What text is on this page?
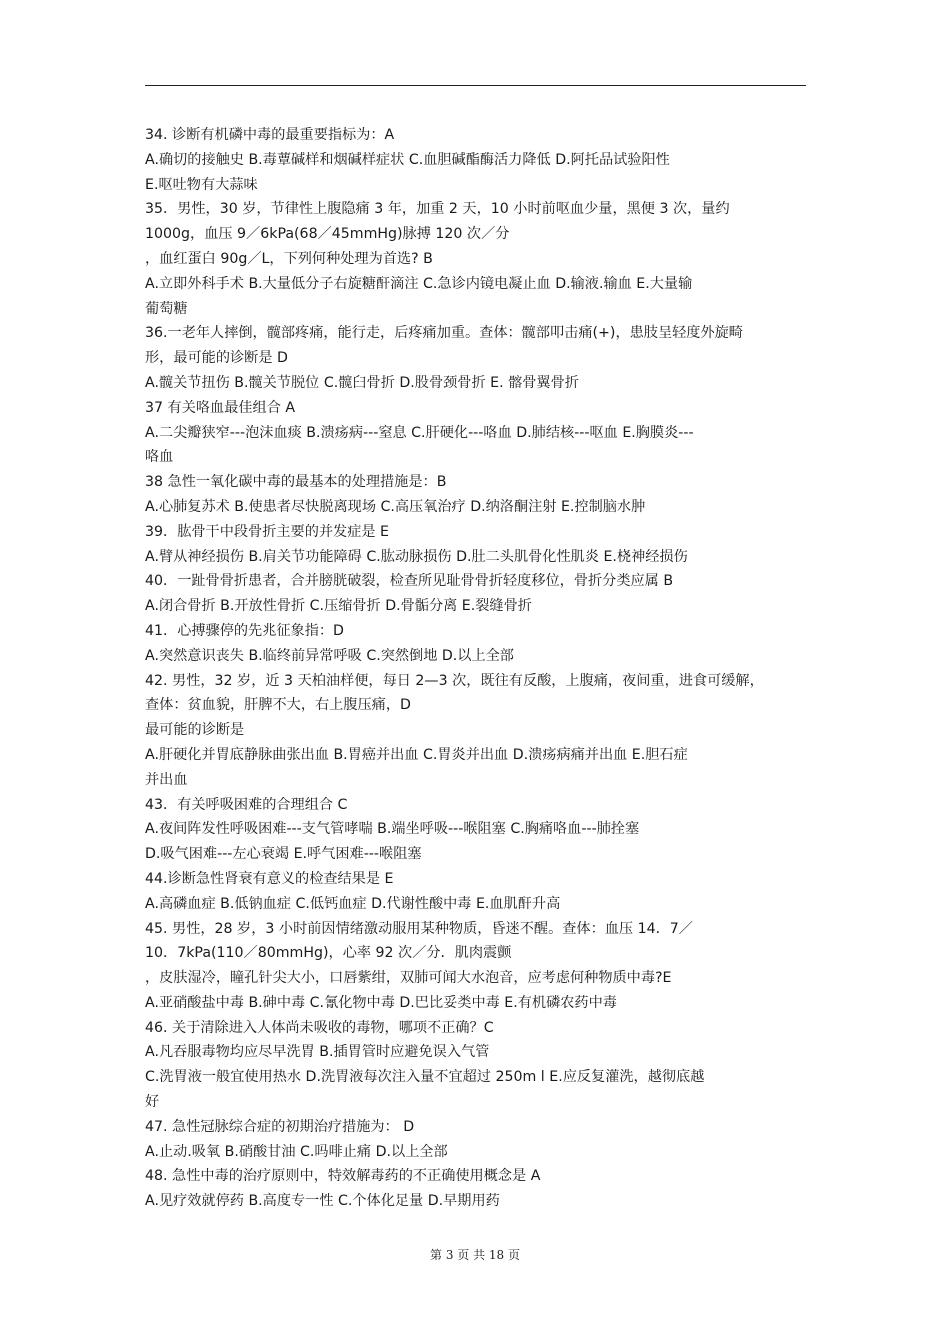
34. 诊断有机磷中毒的最重要指标为：A
A.确切的接触史 B.毒蕈碱样和烟碱样症状 C.血胆碱酯酶活力降低 D.阿托品试验阳性
E.呕吐物有大蒜味
35．男性，30 岁，节律性上腹隐痛 3 年，加重 2 天，10 小时前呕血少量，黑便 3 次，量约
1000g，血压 9／6kPa(68／45mmHg)脉搏 120 次／分
，血红蛋白 90g／L，下列何种处理为首选? B
A.立即外科手术 B.大量低分子右旋糖酐滴注 C.急诊内镜电凝止血 D.输液.输血 E.大量输
葡萄糖
36.一老年人摔倒，髋部疼痛，能行走，后疼痛加重。查体：髋部叩击痛(+)，患肢呈轻度外旋畸
形，最可能的诊断是 D
A.髋关节扭伤 B.髋关节脱位 C.髋臼骨折 D.股骨颈骨折 E. 髂骨翼骨折
37 有关咯血最佳组合 A
A.二尖瓣狭窄---泡沫血痰 B.溃疡病---窒息 C.肝硬化---咯血 D.肺结核---呕血 E.胸膜炎---
咯血
38 急性一氧化碳中毒的最基本的处理措施是：B
A.心肺复苏术 B.使患者尽快脱离现场 C.高压氧治疗 D.纳洛酮注射 E.控制脑水肿
39．肱骨干中段骨折主要的并发症是 E
A.臂从神经损伤 B.肩关节功能障碍 C.肱动脉损伤 D.肚二头肌骨化性肌炎 E.桡神经损伤
40．一趾骨骨折患者，合并膀胱破裂，检查所见耻骨骨折轻度移位，骨折分类应属 B
A.闭合骨折 B.开放性骨折 C.压缩骨折 D.骨骺分离 E.裂缝骨折
41．心搏骤停的先兆征象指：D
A.突然意识丧失 B.临终前异常呼吸 C.突然倒地 D.以上全部
42. 男性，32 岁，近 3 天柏油样便，每日 2—3 次，既往有反酸，上腹痛，夜间重，进食可缓解，
查体：贫血貌，肝脾不大，右上腹压痛，D
最可能的诊断是
A.肝硬化并胃底静脉曲张出血 B.胃癌并出血 C.胃炎并出血 D.溃疡病痛并出血 E.胆石症
并出血
43．有关呼吸困难的合理组合 C
A.夜间阵发性呼吸困难---支气管哮喘 B.端坐呼吸---喉阻塞 C.胸痛咯血---肺拴塞
D.吸气困难---左心衰竭 E.呼气困难---喉阻塞
44.诊断急性肾衰有意义的检查结果是 E
A.高磷血症 B.低钠血症 C.低钙血症 D.代谢性酸中毒 E.血肌酐升高
45. 男性，28 岁，3 小时前因情绪激动服用某种物质，昏迷不醒。查体：血压 14．7／
10．7kPa(110／80mmHg)，心率 92 次／分．肌肉震颤
，皮肤湿冷，瞳孔针尖大小，口唇紫绀，双肺可闻大水泡音，应考虑何种物质中毒?E
A.亚硝酸盐中毒 B.砷中毒 C.氰化物中毒 D.巴比妥类中毒 E.有机磷农药中毒
46. 关于清除进入人体尚未吸收的毒物，哪项不正确？C
A.凡吞服毒物均应尽早洗胃 B.插胃管时应避免误入气管
C.洗胃液一般宜使用热水 D.洗胃液每次注入量不宜超过 250m l E.应反复灌洗，越彻底越
好
47. 急性冠脉综合症的初期治疗措施为： D
A.止动.吸氧 B.硝酸甘油 C.吗啡止痛 D.以上全部
48. 急性中毒的治疗原则中，特效解毒药的不正确使用概念是 A
A.见疗效就停药 B.高度专一性 C.个体化足量 D.早期用药
第 3 页 共 18 页
